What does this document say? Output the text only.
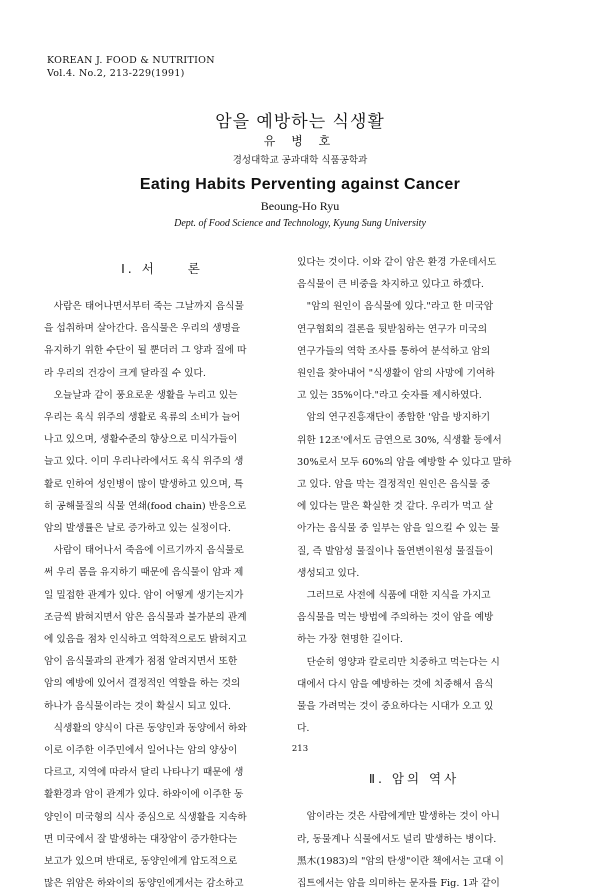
KOREAN J. FOOD & NUTRITION
Vol.4. No.2, 213-229(1991)
암을 예방하는 식생활
유 병 호
경성대학교 공과대학 식품공학과
Eating Habits Perventing against Cancer
Beoung-Ho Ryu
Dept. of Food Science and Technology, Kyung Sung University
Ⅰ. 서　　론
　사람은 태어나면서부터 죽는 그날까지 음식물
을 섭취하며 살아간다. 음식물은 우리의 생명을
유지하기 위한 수단이 될 뿐더러 그 양과 질에 따
라 우리의 건강이 크게 달라질 수 있다.
　오늘날과 같이 풍요로운 생활을 누리고 있는
우리는 육식 위주의 생활로 육류의 소비가 늘어
나고 있으며, 생활수준의 향상으로 미식가들이
늘고 있다. 이미 우리나라에서도 육식 위주의 생
활로 인하여 성인병이 많이 발생하고 있으며, 특
히 공해물질의 식물 연쇄(food chain) 반응으로
암의 발생률은 날로 증가하고 있는 실정이다.
　사람이 태어나서 죽음에 이르기까지 음식물로
써 우리 몸을 유지하기 때문에 음식물이 암과 제
일 밀접한 관계가 있다. 암이 어떻게 생기는지가
조금씩 밝혀지면서 암은 음식물과 불가분의 관계
에 있음을 점차 인식하고 역학적으로도 밝혀지고
암이 음식물과의 관계가 점점 알려지면서 또한
암의 예방에 있어서 결정적인 역할을 하는 것의
하나가 음식물이라는 것이 확실시 되고 있다.
　식생활의 양식이 다른 동양인과 동양에서 하와
이로 이주한 이주민에서 일어나는 암의 양상이
다르고, 지역에 따라서 달리 나타나기 때문에 생
활환경과 암이 관계가 있다. 하와이에 이주한 동
양인이 미국형의 식사 중심으로 식생활을 지속하
면 미국에서 잘 발생하는 대장암이 증가한다는
보고가 있으며 반대로, 동양인에게 압도적으로
많은 위암은 하와이의 동양인에게서는 감소하고
있다는 것이다. 이와 같이 암은 환경 가운데서도
음식물이 큰 비중을 차지하고 있다고 하겠다.
　"암의 원인이 음식물에 있다."라고 한 미국암
연구협회의 결론을 뒷받침하는 연구가 미국의
연구가들의 역학 조사를 통하여 분석하고 암의
원인을 찾아내어 "식생활이 암의 사망에 기여하
고 있는 35%이다."라고 숫자를 제시하였다.
　암의 연구진흥재단이 종합한 '암을 방지하기
위한 12조'에서도 금연으로 30%, 식생활 등에서
30%로서 모두 60%의 암을 예방할 수 있다고 말하
고 있다. 암을 막는 결정적인 원인은 음식물 중
에 있다는 말은 확실한 것 같다. 우리가 먹고 살
아가는 음식물 중 일부는 암을 일으킬 수 있는 물
질, 즉 발암성 물질이나 돌연변이원성 물질들이
생성되고 있다.
　그러므로 사전에 식품에 대한 지식을 가지고
음식물을 먹는 방법에 주의하는 것이 암을 예방
하는 가장 현명한 길이다.
　단순히 영양과 칼로리만 치중하고 먹는다는 시
대에서 다시 암을 예방하는 것에 치중해서 음식
물을 가려먹는 것이 중요하다는 시대가 오고 있
다.
Ⅱ. 암의 역사
　암이라는 것은 사람에게만 발생하는 것이 아니
라, 동물계나 식물에서도 널리 발생하는 병이다.
黑木(1983)의 "암의 탄생"이란 책에서는 고대 이
집트에서는 암을 의미하는 문자를 Fig. 1과 같이
213
